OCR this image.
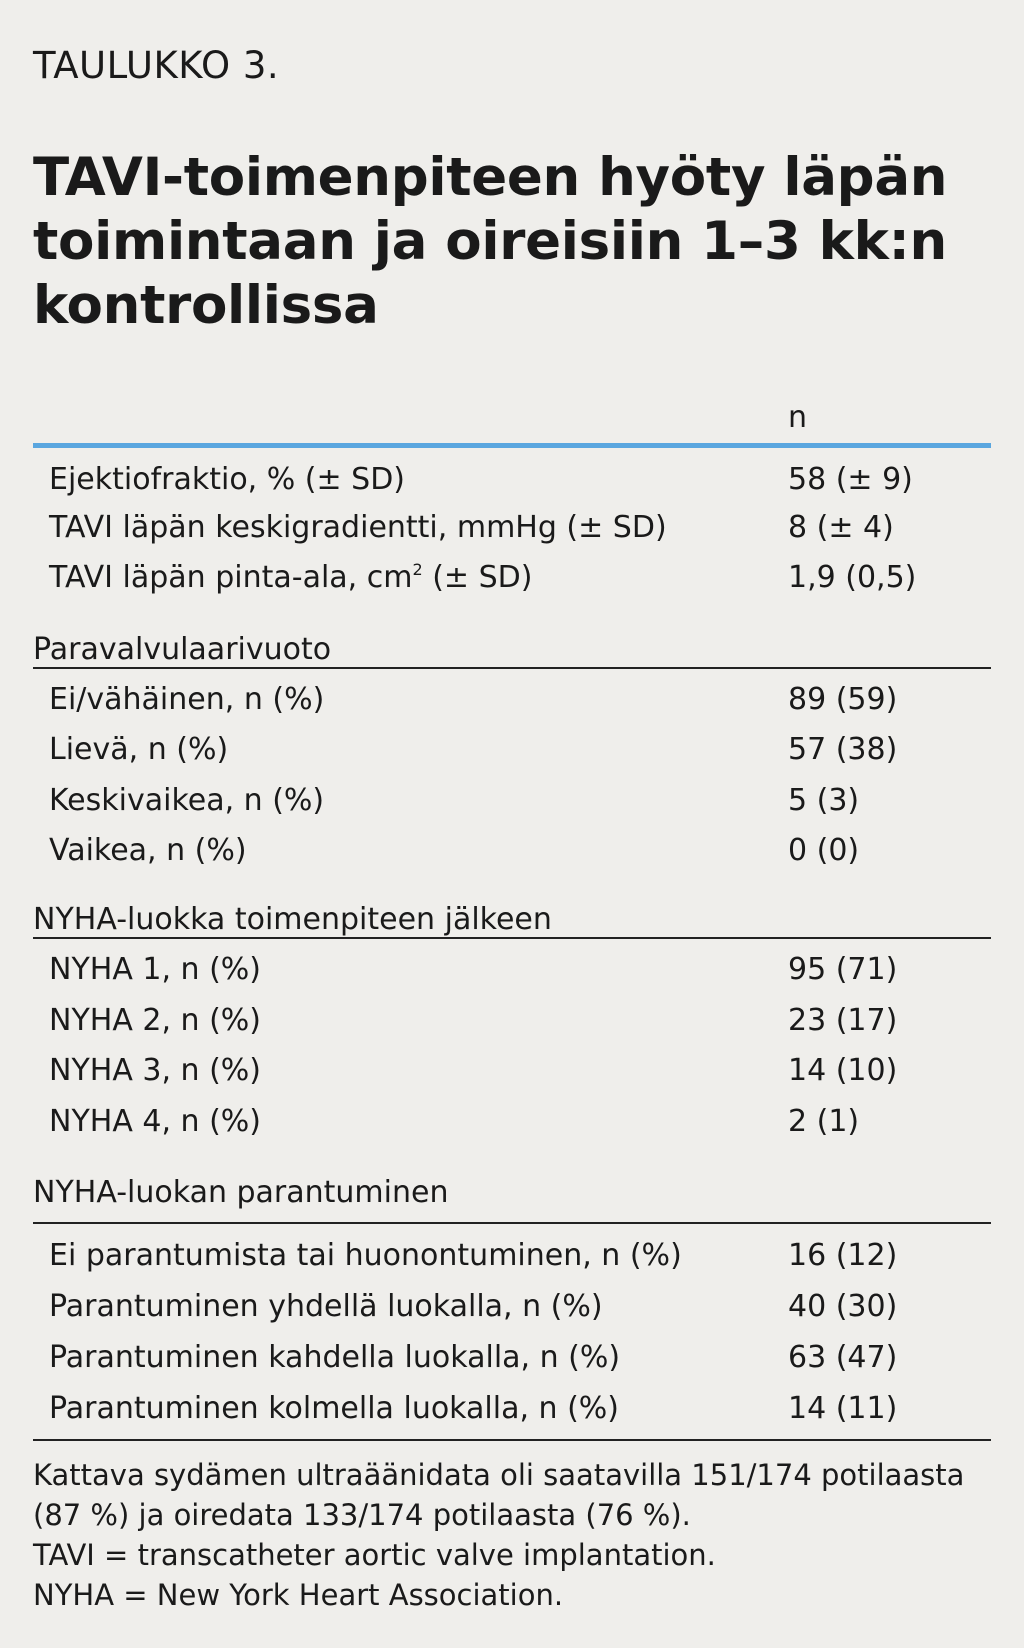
TAULUKKO 3.
TAVI-toimenpiteen hyöty läpän
toimintaan ja oireisiin 1–3 kk:n
kontrollissa
n
Ejektiofraktio, % (± SD)	58 (± 9)
TAVI läpän keskigradientti, mmHg (± SD)	8 (± 4)
TAVI läpän pinta-ala, $cm^2$ (± SD)	1,9 (0,5)
Paravalvulaarivuoto
Ei/vähäinen, n (%)	89 (59)
Lievä, n (%)	57 (38)
Keskivaikea, n (%)	5 (3)
Vaikea, n (%)	0 (0)
NYHA-luokka toimenpiteen jälkeen
NYHA 1, n (%)	95 (71)
NYHA 2, n (%)	23 (17)
NYHA 3, n (%)	14 (10)
NYHA 4, n (%)	2 (1)
NYHA-luokan parantuminen
Ei parantumista tai huonontuminen, n (%)	16 (12)
Parantuminen yhdellä luokalla, n (%)	40 (30)
Parantuminen kahdella luokalla, n (%)	63 (47)
Parantuminen kolmella luokalla, n (%)	14 (11)
Kattava sydämen ultraäänidata oli saatavilla 151/174 potilaasta
(87 %) ja oiredata 133/174 potilaasta (76 %).
TAVI = transcatheter aortic valve implantation.
NYHA = New York Heart Association.
